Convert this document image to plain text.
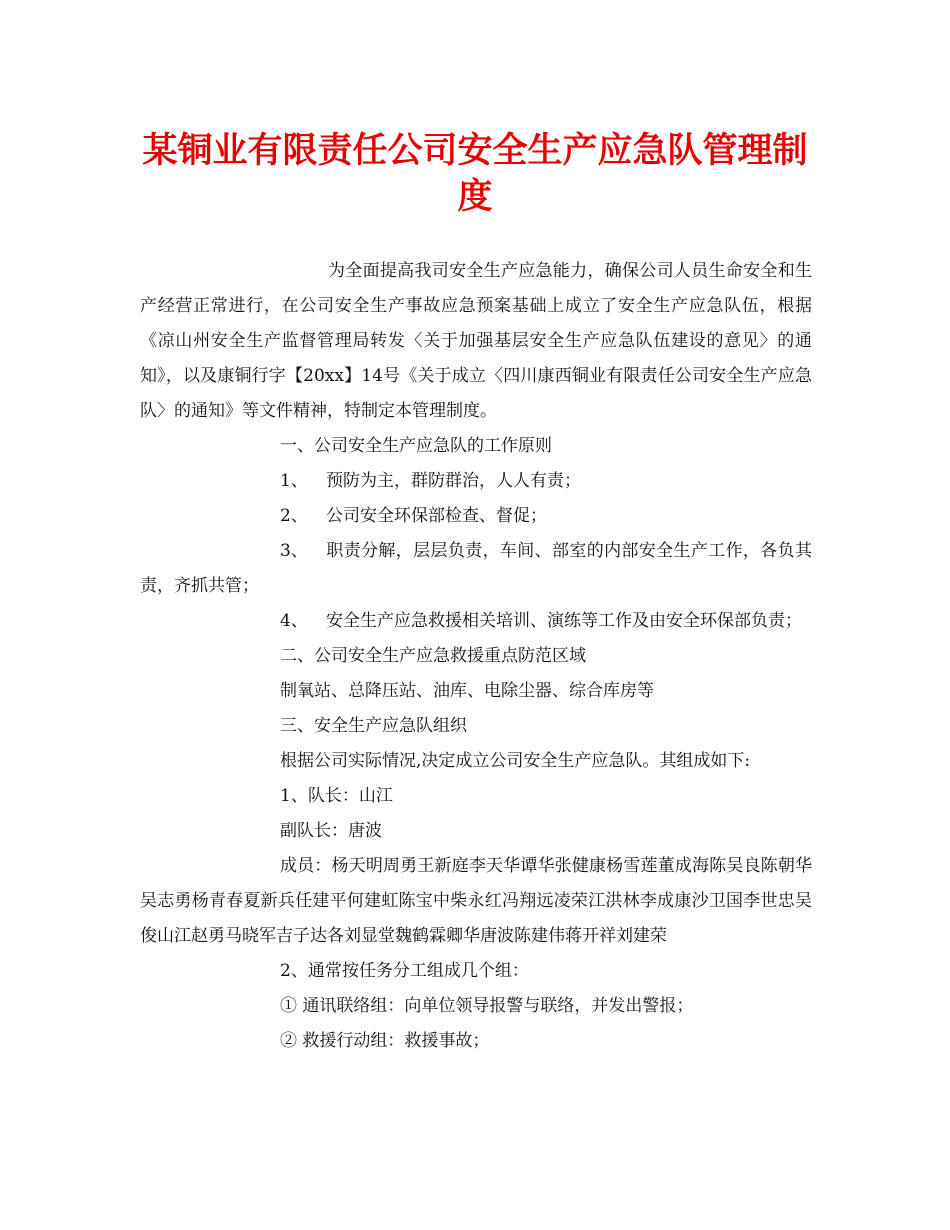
某铜业有限责任公司安全生产应急队管理制度

为全面提高我司安全生产应急能力，确保公司人员生命安全和生产经营正常进行，在公司安全生产事故应急预案基础上成立了安全生产应急队伍，根据《凉山州安全生产监督管理局转发〈关于加强基层安全生产应急队伍建设的意见〉的通知》，以及康铜行字【20xx】14号《关于成立〈四川康西铜业有限责任公司安全生产应急队〉的通知》等文件精神，特制定本管理制度。

一、公司安全生产应急队的工作原则

1、 预防为主，群防群治，人人有责；

2、 公司安全环保部检查、督促；

3、 职责分解，层层负责，车间、部室的内部安全生产工作，各负其责，齐抓共管；

4、 安全生产应急救援相关培训、演练等工作及由安全环保部负责；

二、公司安全生产应急救援重点防范区域

制氧站、总降压站、油库、电除尘器、综合库房等

三、安全生产应急队组织

根据公司实际情况,决定成立公司安全生产应急队。其组成如下:

1、队长：山江

副队长：唐波

成员：杨天明周勇王新庭李天华谭华张健康杨雪莲董成海陈吴良陈朝华吴志勇杨青春夏新兵任建平何建虹陈宝中柴永红冯翔远凌荣江洪林李成康沙卫国李世忠吴俊山江赵勇马晓军吉子达各刘显堂魏鹤霖卿华唐波陈建伟蒋开祥刘建荣

2、通常按任务分工组成几个组：

① 通讯联络组：向单位领导报警与联络，并发出警报；

② 救援行动组：救援事故；
